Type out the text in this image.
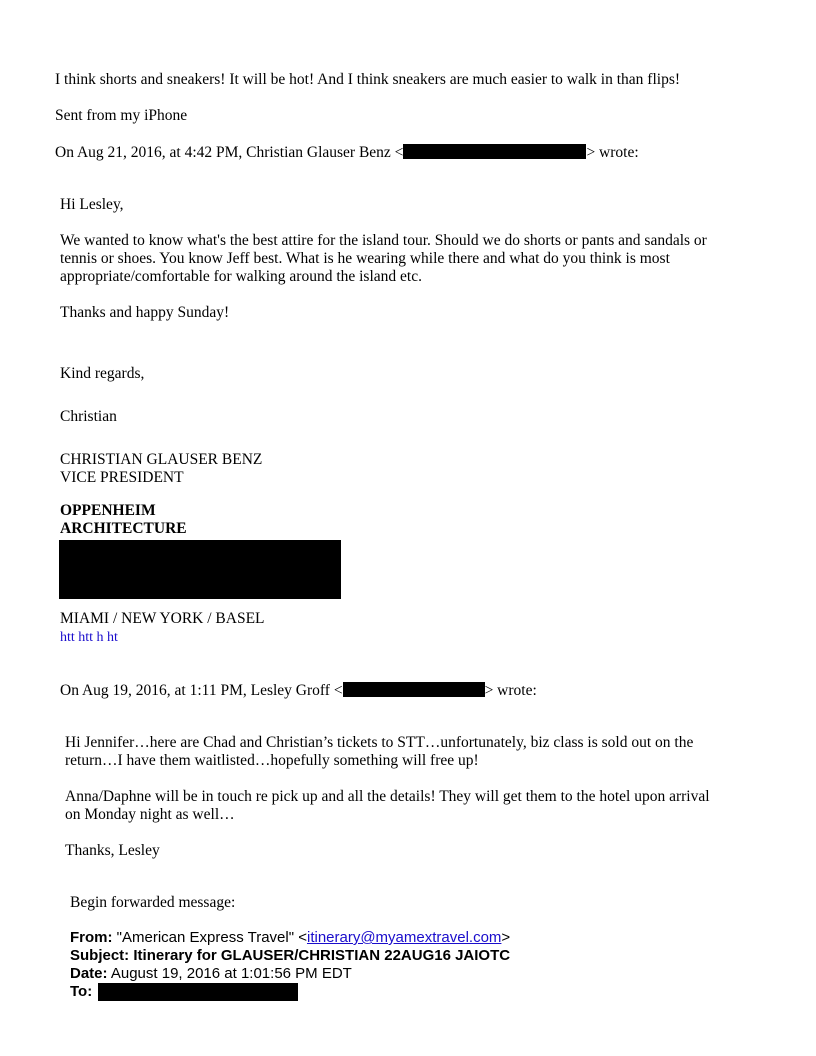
I think shorts and sneakers! It will be hot! And I think sneakers are much easier to walk in than flips!
Sent from my iPhone
On Aug 21, 2016, at 4:42 PM, Christian Glauser Benz <	> wrote:
Hi Lesley,
We wanted to know what's the best attire for the island tour. Should we do shorts or pants and sandals or
tennis or shoes. You know Jeff best. What is he wearing while there and what do you think is most
appropriate/comfortable for walking around the island etc.
Thanks and happy Sunday!
Kind regards,
Christian
CHRISTIAN GLAUSER BENZ
VICE PRESIDENT
OPPENHEIM
ARCHITECTURE
MIAMI / NEW YORK / BASEL
htt htt h ht
On Aug 19, 2016, at 1:11 PM, Lesley Groff <	> wrote:
Hi Jennifer…here are Chad and Christian’s tickets to STT…unfortunately, biz class is sold out on the
return…I have them waitlisted…hopefully something will free up!
Anna/Daphne will be in touch re pick up and all the details! They will get them to the hotel upon arrival
on Monday night as well…
Thanks, Lesley
Begin forwarded message:
From: "American Express Travel" <itinerary@myamextravel.com>
Subject: Itinerary for GLAUSER/CHRISTIAN 22AUG16 JAIOTC
Date: August 19, 2016 at 1:01:56 PM EDT
To:
